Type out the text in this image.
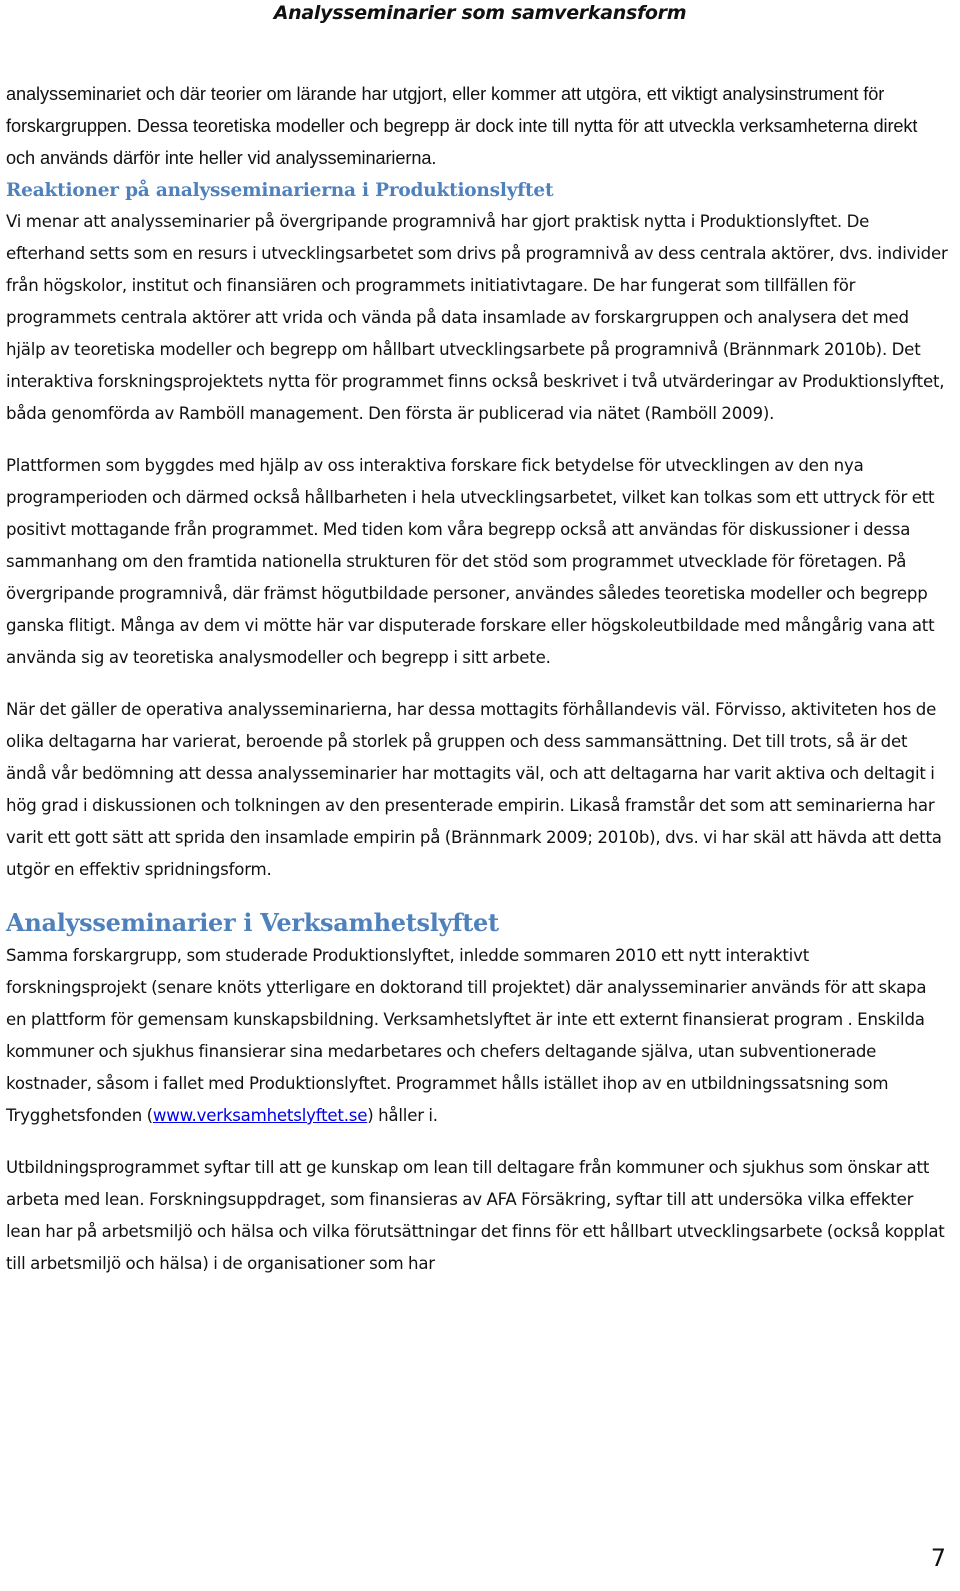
Analysseminarier som samverkansform

analysseminariet och där teorier om lärande har utgjort, eller kommer att utgöra, ett viktigt analysinstrument för forskargruppen. Dessa teoretiska modeller och begrepp är dock inte till nytta för att utveckla verksamheterna direkt och används därför inte heller vid analysseminarierna.

Reaktioner på analysseminarierna i Produktionslyftet

Vi menar att analysseminarier på övergripande programnivå har gjort praktisk nytta i Produktionslyftet. De efterhand setts som en resurs i utvecklingsarbetet som drivs på programnivå av dess centrala aktörer, dvs. individer från högskolor, institut och finansiären och programmets initiativtagare. De har fungerat som tillfällen för programmets centrala aktörer att vrida och vända på data insamlade av forskargruppen och analysera det med hjälp av teoretiska modeller och begrepp om hållbart utvecklingsarbete på programnivå (Brännmark 2010b). Det interaktiva forskningsprojektets nytta för programmet finns också beskrivet i två utvärderingar av Produktionslyftet, båda genomförda av Ramböll management. Den första är publicerad via nätet (Ramböll 2009).

Plattformen som byggdes med hjälp av oss interaktiva forskare fick betydelse för utvecklingen av den nya programperioden och därmed också hållbarheten i hela utvecklingsarbetet, vilket kan tolkas som ett uttryck för ett positivt mottagande från programmet. Med tiden kom våra begrepp också att användas för diskussioner i dessa sammanhang om den framtida nationella strukturen för det stöd som programmet utvecklade för företagen. På övergripande programnivå, där främst högutbildade personer, användes således teoretiska modeller och begrepp ganska flitigt. Många av dem vi mötte här var disputerade forskare eller högskoleutbildade med mångårig vana att använda sig av teoretiska analysmodeller och begrepp i sitt arbete.

När det gäller de operativa analysseminarierna, har dessa mottagits förhållandevis väl. Förvisso, aktiviteten hos de olika deltagarna har varierat, beroende på storlek på gruppen och dess sammansättning. Det till trots, så är det ändå vår bedömning att dessa analysseminarier har mottagits väl, och att deltagarna har varit aktiva och deltagit i hög grad i diskussionen och tolkningen av den presenterade empirin. Likaså framstår det som att seminarierna har varit ett gott sätt att sprida den insamlade empirin på (Brännmark 2009; 2010b), dvs. vi har skäl att hävda att detta utgör en effektiv spridningsform.

Analysseminarier i Verksamhetslyftet

Samma forskargrupp, som studerade Produktionslyftet, inledde sommaren 2010 ett nytt interaktivt forskningsprojekt (senare knöts ytterligare en doktorand till projektet) där analysseminarier används för att skapa en plattform för gemensam kunskapsbildning. Verksamhetslyftet är inte ett externt finansierat program . Enskilda kommuner och sjukhus finansierar sina medarbetares och chefers deltagande själva, utan subventionerade kostnader, såsom i fallet med Produktionslyftet. Programmet hålls istället ihop av en utbildningssatsning som Trygghetsfonden (www.verksamhetslyftet.se) håller i.

Utbildningsprogrammet syftar till att ge kunskap om lean till deltagare från kommuner och sjukhus som önskar att arbeta med lean. Forskningsuppdraget, som finansieras av AFA Försäkring, syftar till att undersöka vilka effekter lean har på arbetsmiljö och hälsa och vilka förutsättningar det finns för ett hållbart utvecklingsarbete (också kopplat till arbetsmiljö och hälsa) i de organisationer som har

7
